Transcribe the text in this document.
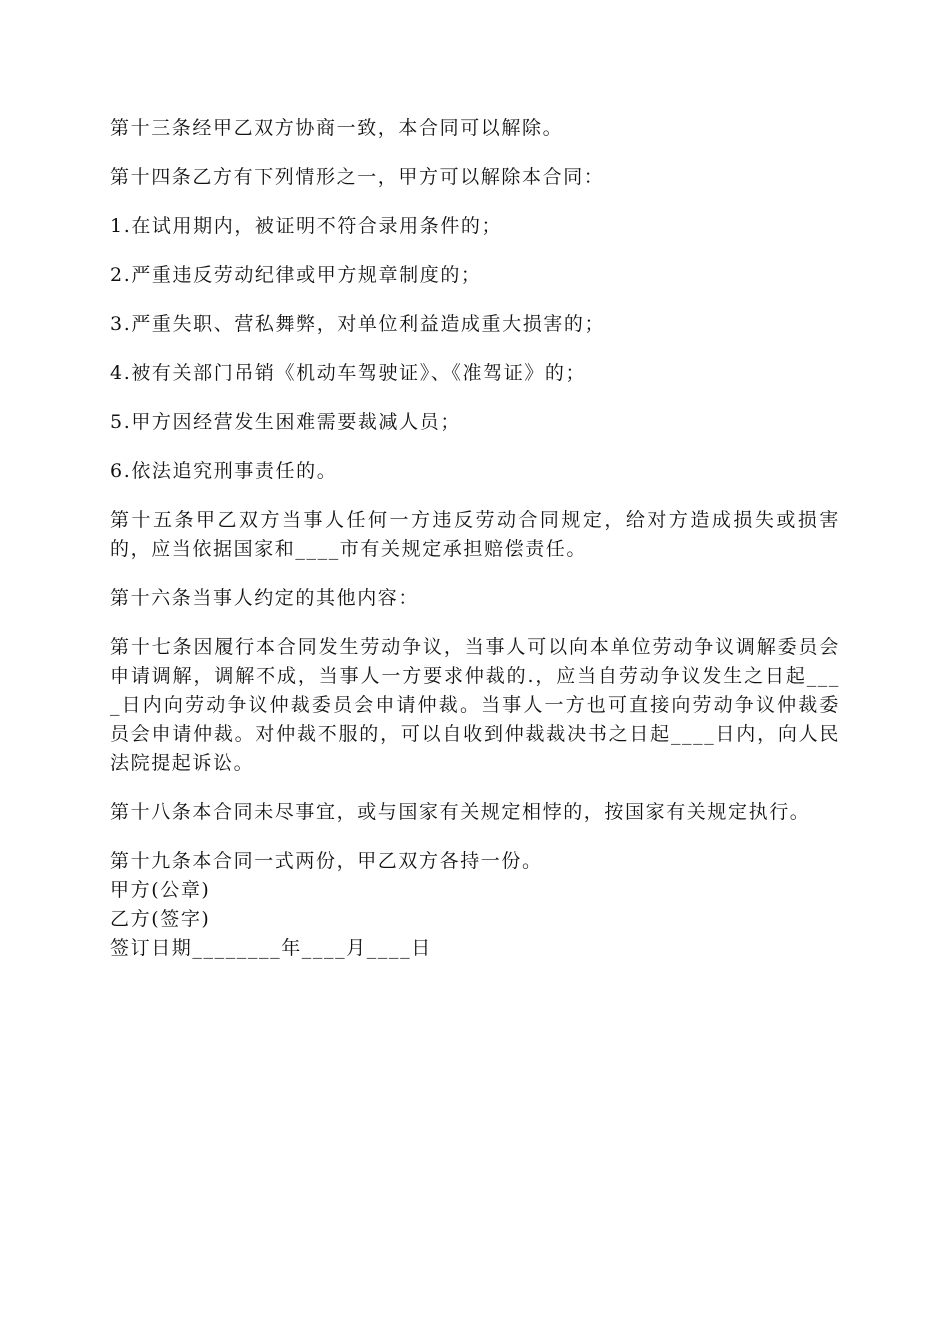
第十三条经甲乙双方协商一致，本合同可以解除。

第十四条乙方有下列情形之一，甲方可以解除本合同：

1.在试用期内，被证明不符合录用条件的；

2.严重违反劳动纪律或甲方规章制度的；

3.严重失职、营私舞弊，对单位利益造成重大损害的；

4.被有关部门吊销《机动车驾驶证》、《准驾证》的；

5.甲方因经营发生困难需要裁减人员；

6.依法追究刑事责任的。

第十五条甲乙双方当事人任何一方违反劳动合同规定，给对方造成损失或损害的，应当依据国家和____市有关规定承担赔偿责任。

第十六条当事人约定的其他内容：

第十七条因履行本合同发生劳动争议，当事人可以向本单位劳动争议调解委员会申请调解，调解不成，当事人一方要求仲裁的.，应当自劳动争议发生之日起____日内向劳动争议仲裁委员会申请仲裁。当事人一方也可直接向劳动争议仲裁委员会申请仲裁。对仲裁不服的，可以自收到仲裁裁决书之日起____日内，向人民法院提起诉讼。

第十八条本合同未尽事宜，或与国家有关规定相悖的，按国家有关规定执行。

第十九条本合同一式两份，甲乙双方各持一份。

甲方(公章)

乙方(签字)

签订日期________年____月____日
